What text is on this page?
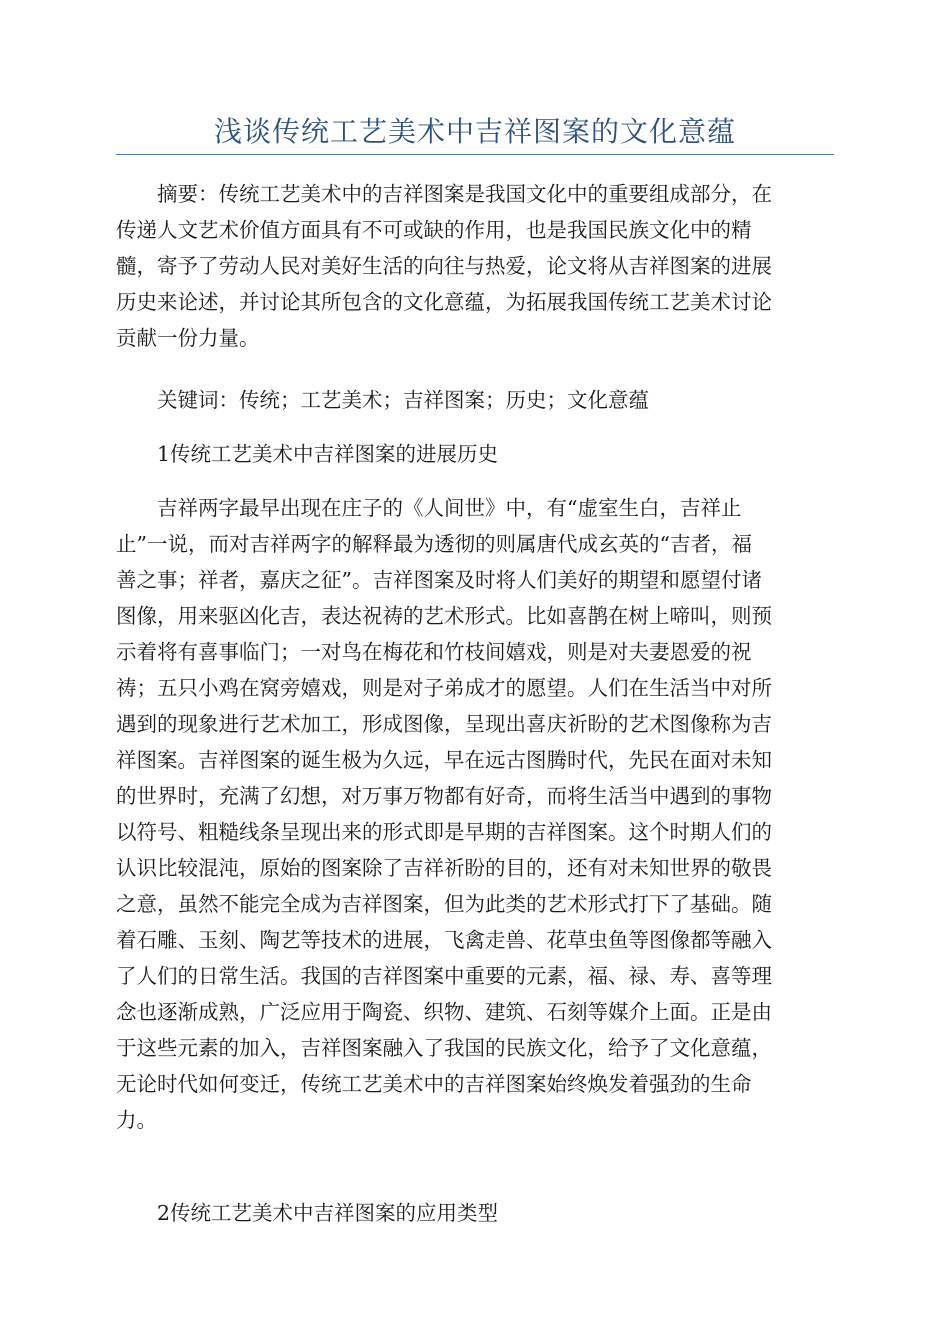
浅谈传统工艺美术中吉祥图案的文化意蕴

摘要：传统工艺美术中的吉祥图案是我国文化中的重要组成部分，在
传递人文艺术价值方面具有不可或缺的作用，也是我国民族文化中的精
髓，寄予了劳动人民对美好生活的向往与热爱，论文将从吉祥图案的进展
历史来论述，并讨论其所包含的文化意蕴，为拓展我国传统工艺美术讨论
贡献一份力量。

关键词：传统；工艺美术；吉祥图案；历史；文化意蕴

1传统工艺美术中吉祥图案的进展历史

吉祥两字最早出现在庄子的《人间世》中，有“虚室生白，吉祥止
止”一说，而对吉祥两字的解释最为透彻的则属唐代成玄英的“吉者，福
善之事；祥者，嘉庆之征”。吉祥图案及时将人们美好的期望和愿望付诸
图像，用来驱凶化吉，表达祝祷的艺术形式。比如喜鹊在树上啼叫，则预
示着将有喜事临门；一对鸟在梅花和竹枝间嬉戏，则是对夫妻恩爱的祝
祷；五只小鸡在窝旁嬉戏，则是对子弟成才的愿望。人们在生活当中对所
遇到的现象进行艺术加工，形成图像，呈现出喜庆祈盼的艺术图像称为吉
祥图案。吉祥图案的诞生极为久远，早在远古图腾时代，先民在面对未知
的世界时，充满了幻想，对万事万物都有好奇，而将生活当中遇到的事物
以符号、粗糙线条呈现出来的形式即是早期的吉祥图案。这个时期人们的
认识比较混沌，原始的图案除了吉祥祈盼的目的，还有对未知世界的敬畏
之意，虽然不能完全成为吉祥图案，但为此类的艺术形式打下了基础。随
着石雕、玉刻、陶艺等技术的进展，飞禽走兽、花草虫鱼等图像都等融入
了人们的日常生活。我国的吉祥图案中重要的元素，福、禄、寿、喜等理
念也逐渐成熟，广泛应用于陶瓷、织物、建筑、石刻等媒介上面。正是由
于这些元素的加入，吉祥图案融入了我国的民族文化，给予了文化意蕴，
无论时代如何变迁，传统工艺美术中的吉祥图案始终焕发着强劲的生命
力。

2传统工艺美术中吉祥图案的应用类型
